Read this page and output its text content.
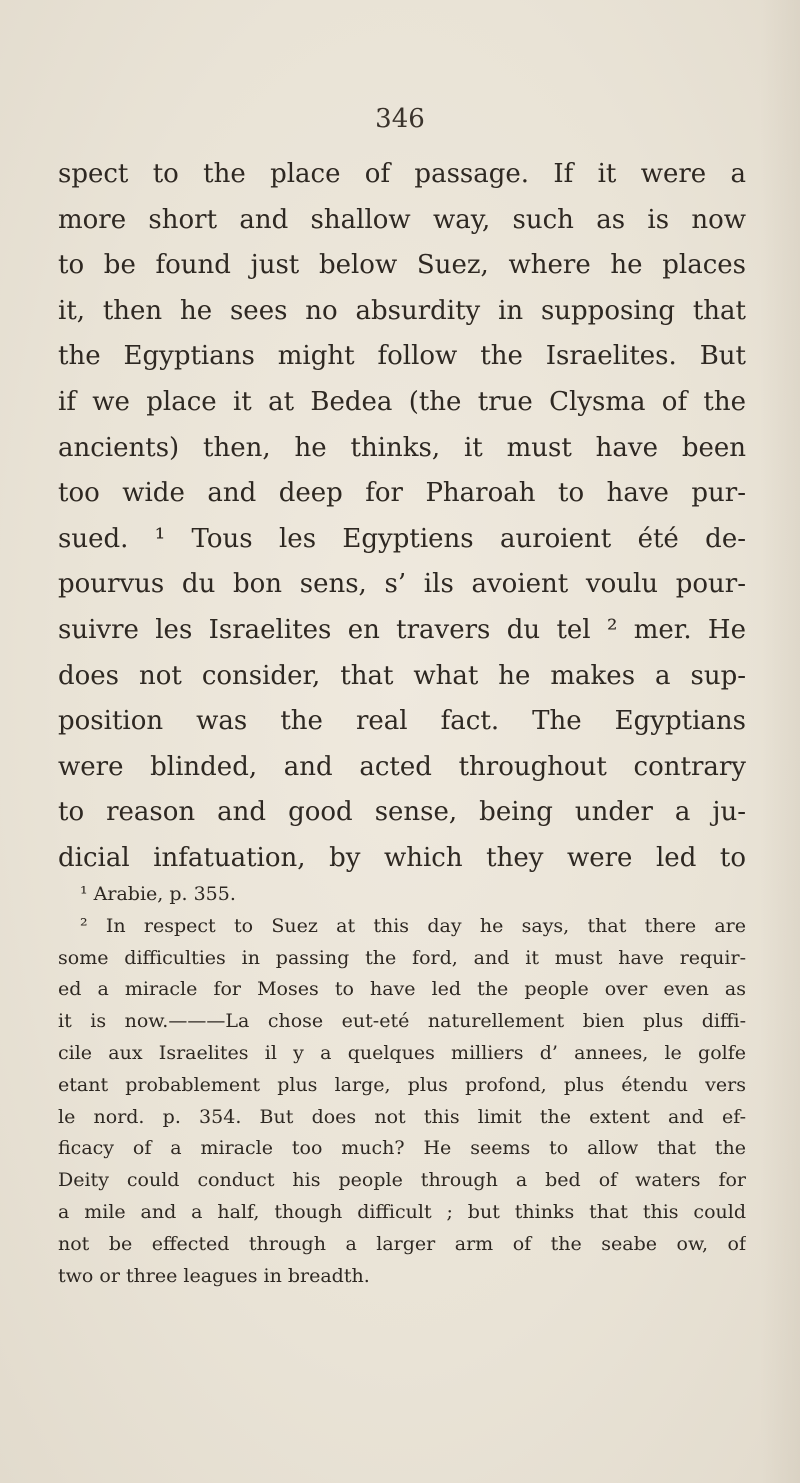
346
spect to the place of passage. If it were a
more short and shallow way, such as is now
to be found just below Suez, where he places
it, then he sees no absurdity in supposing that
the Egyptians might follow the Israelites. But
if we place it at Bedea (the true Clysma of the
ancients) then, he thinks, it must have been
too wide and deep for Pharoah to have pur-
sued. ¹ Tous les Egyptiens auroient été de-
pourvus du bon sens, s’ ils avoient voulu pour-
suivre les Israelites en travers du tel ² mer. He
does not consider, that what he makes a sup-
position was the real fact. The Egyptians
were blinded, and acted throughout contrary
to reason and good sense, being under a ju-
dicial infatuation, by which they were led to
¹ Arabie, p. 355.
² In respect to Suez at this day he says, that there are
some difficulties in passing the ford, and it must have requir-
ed a miracle for Moses to have led the people over even as
it is now.———La chose eut-eté naturellement bien plus diffi-
cile aux Israelites il y a quelques milliers d’ annees, le golfe
etant probablement plus large, plus profond, plus étendu vers
le nord. p. 354. But does not this limit the extent and ef-
ficacy of a miracle too much? He seems to allow that the
Deity could conduct his people through a bed of waters for
a mile and a half, though difficult ; but thinks that this could
not be effected through a larger arm of the seabe ow, of
two or three leagues in breadth.
